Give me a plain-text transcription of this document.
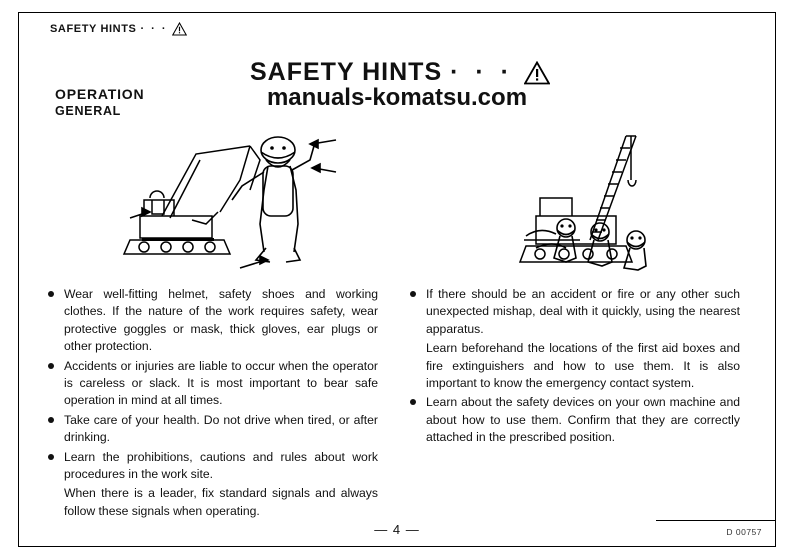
SAFETY HINTS · · ·
SAFETY HINTS · · ·
manuals-komatsu.com
OPERATION
GENERAL
Wear well-fitting helmet, safety shoes and working clothes. If the nature of the work requires safety, wear protective goggles or mask, thick gloves, ear plugs or other protection.
Accidents or injuries are liable to occur when the operator is careless or slack. It is most important to bear safe operation in mind at all times.
Take care of your health. Do not drive when tired, or after drinking.
Learn the prohibitions, cautions and rules about work procedures in the work site.
When there is a leader, fix standard signals and always follow these signals when operating.
If there should be an accident or fire or any other such unexpected mishap, deal with it quickly, using the nearest apparatus.
Learn beforehand the locations of the first aid boxes and fire extinguishers and how to use them. It is also important to know the emergency contact system.
Learn about the safety devices on your own machine and about how to use them. Confirm that they are correctly attached in the prescribed position.
— 4 —	D 00757
